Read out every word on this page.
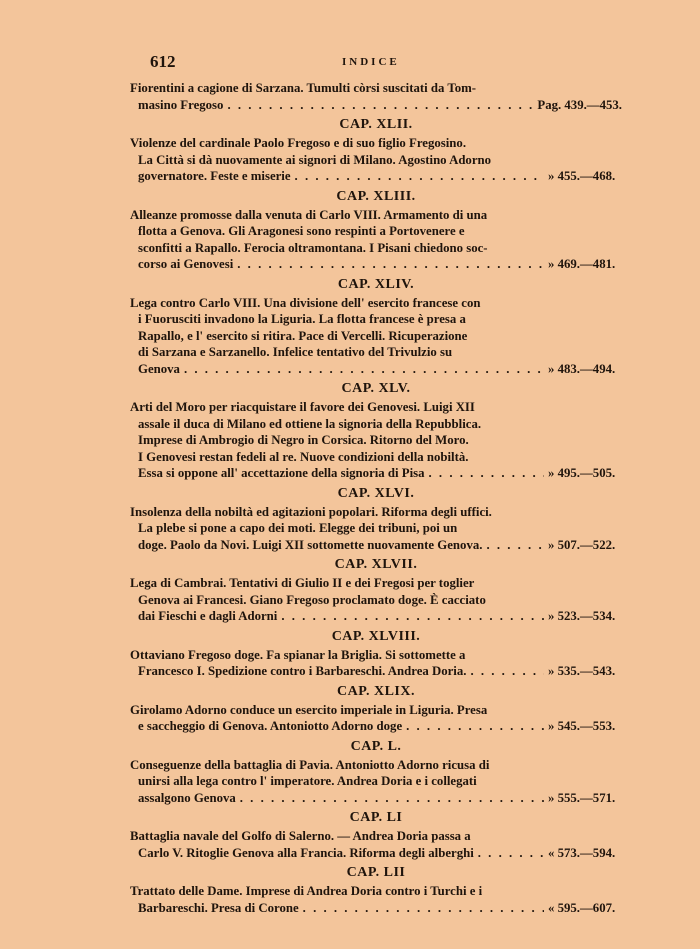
612	INDICE
Fiorentini a cagione di Sarzana. Tumulti còrsi suscitati da Tom-
masino Fregoso . . .	Pag. 439.—453.
CAP. XLII.
Violenze del cardinale Paolo Fregoso e di suo figlio Fregosino.
La Città si dà nuovamente ai signori di Milano. Agostino Adorno
governatore. Feste e miserie . . .	» 455.—468.
CAP. XLIII.
Alleanze promosse dalla venuta di Carlo VIII. Armamento di una
flotta a Genova. Gli Aragonesi sono respinti a Portovenere e
sconfitti a Rapallo. Ferocia oltramontana. I Pisani chiedono soc-
corso ai Genovesi . . .	» 469.—481.
CAP. XLIV.
Lega contro Carlo VIII. Una divisione dell' esercito francese con
i Fuorusciti invadono la Liguria. La flotta francese è presa a
Rapallo, e l' esercito si ritira. Pace di Vercelli. Ricuperazione
di Sarzana e Sarzanello. Infelice tentativo del Trivulzio su
Genova . . .	» 483.—494.
CAP. XLV.
Arti del Moro per riacquistare il favore dei Genovesi. Luigi XII
assale il duca di Milano ed ottiene la signoria della Repubblica.
Imprese di Ambrogio di Negro in Corsica. Ritorno del Moro.
I Genovesi restan fedeli al re. Nuove condizioni della nobiltà.
Essa si oppone all' accettazione della signoria di Pisa . . .	» 495.—505.
CAP. XLVI.
Insolenza della nobiltà ed agitazioni popolari. Riforma degli uffici.
La plebe si pone a capo dei moti. Elegge dei tribuni, poi un
doge. Paolo da Novi. Luigi XII sottomette nuovamente Genova. . . .	» 507.—522.
CAP. XLVII.
Lega di Cambrai. Tentativi di Giulio II e dei Fregosi per toglier
Genova ai Francesi. Giano Fregoso proclamato doge. È cacciato
dai Fieschi e dagli Adorni . . .	» 523.—534.
CAP. XLVIII.
Ottaviano Fregoso doge. Fa spianar la Briglia. Si sottomette a
Francesco I. Spedizione contro i Barbareschi. Andrea Doria. . . .	» 535.—543.
CAP. XLIX.
Girolamo Adorno conduce un esercito imperiale in Liguria. Presa
e saccheggio di Genova. Antoniotto Adorno doge . . .	» 545.—553.
CAP. L.
Conseguenze della battaglia di Pavia. Antoniotto Adorno ricusa di
unirsi alla lega contro l' imperatore. Andrea Doria e i collegati
assalgono Genova . . .	» 555.—571.
CAP. LI
Battaglia navale del Golfo di Salerno. — Andrea Doria passa a
Carlo V. Ritoglie Genova alla Francia. Riforma degli alberghi . . .	« 573.—594.
CAP. LII
Trattato delle Dame. Imprese di Andrea Doria contro i Turchi e i
Barbareschi. Presa di Corone . . .	« 595.—607.
